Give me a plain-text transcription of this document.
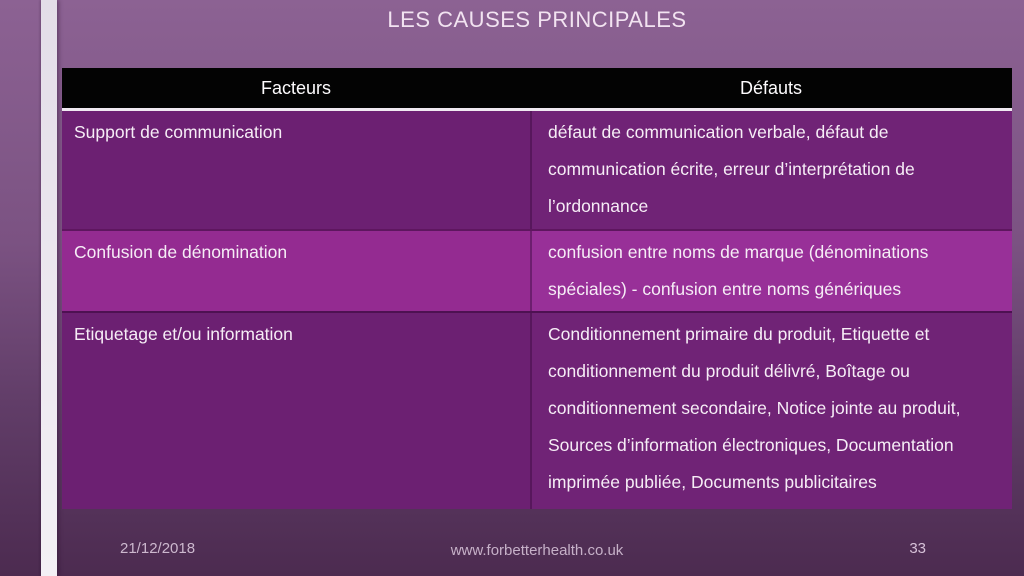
LES CAUSES PRINCIPALES
Facteurs	Défauts
Support de communication	défaut de communication verbale, défaut de communication écrite, erreur d’interprétation de l’ordonnance
Confusion de dénomination	confusion entre noms de marque (dénominations spéciales) - confusion entre noms génériques
Etiquetage et/ou information	Conditionnement primaire du produit, Etiquette et conditionnement du produit délivré, Boîtage ou conditionnement secondaire, Notice jointe au produit, Sources d’information électroniques, Documentation imprimée publiée, Documents publicitaires
21/12/2018	www.forbetterhealth.co.uk	33
